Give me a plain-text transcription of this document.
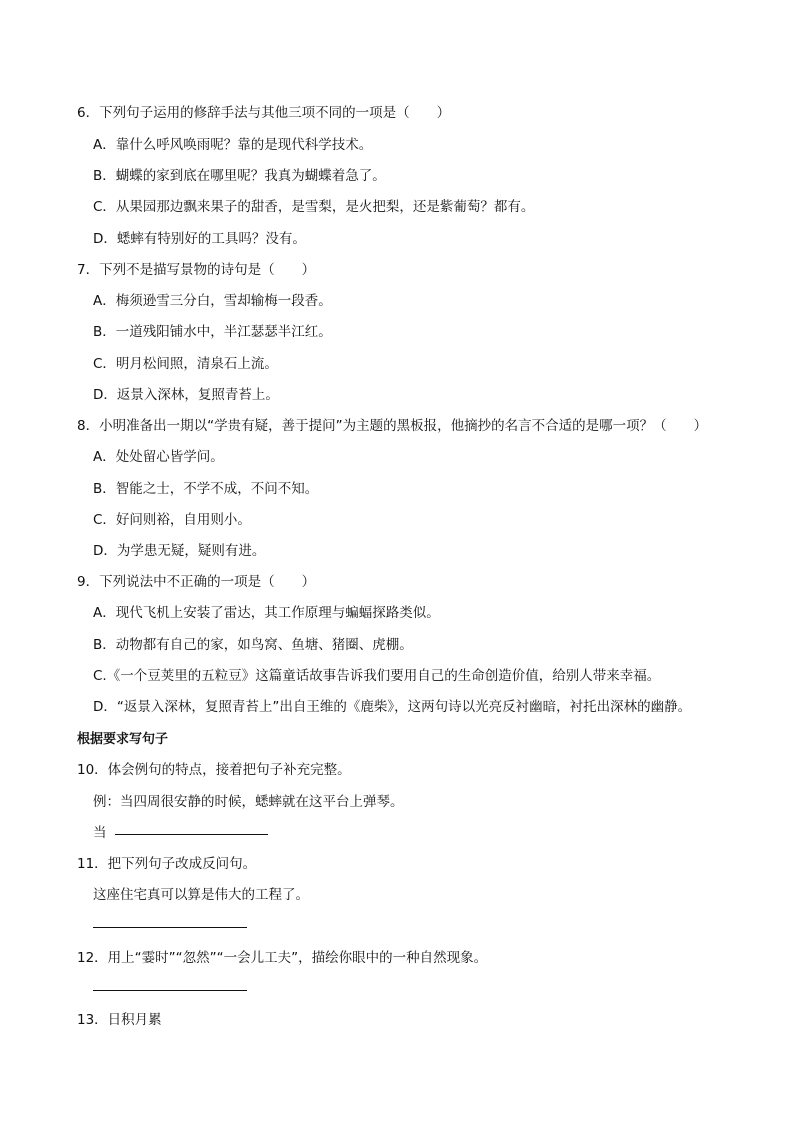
6．下列句子运用的修辞手法与其他三项不同的一项是（　　）
A．靠什么呼风唤雨呢？靠的是现代科学技术。
B．蝴蝶的家到底在哪里呢？我真为蝴蝶着急了。
C．从果园那边飘来果子的甜香，是雪梨，是火把梨，还是紫葡萄？都有。
D．蟋蟀有特别好的工具吗？没有。
7．下列不是描写景物的诗句是（　　）
A．梅须逊雪三分白，雪却输梅一段香。
B．一道残阳铺水中，半江瑟瑟半江红。
C．明月松间照，清泉石上流。
D．返景入深林，复照青苔上。
8．小明准备出一期以“学贵有疑，善于提问”为主题的黑板报，他摘抄的名言不合适的是哪一项？（　　）
A．处处留心皆学问。
B．智能之士，不学不成，不问不知。
C．好问则裕，自用则小。
D．为学患无疑，疑则有进。
9．下列说法中不正确的一项是（　　）
A．现代飞机上安装了雷达，其工作原理与蝙蝠探路类似。
B．动物都有自己的家，如鸟窝、鱼塘、猪圈、虎棚。
C.《一个豆荚里的五粒豆》这篇童话故事告诉我们要用自己的生命创造价值，给别人带来幸福。
D．“返景入深林，复照青苔上”出自王维的《鹿柴》，这两句诗以光亮反衬幽暗，衬托出深林的幽静。
根据要求写句子
10．体会例句的特点，接着把句子补充完整。
例：当四周很安静的时候，蟋蟀就在这平台上弹琴。
当
11．把下列句子改成反问句。
这座住宅真可以算是伟大的工程了。
12．用上“霎时”“忽然”“一会儿工夫”，描绘你眼中的一种自然现象。
13．日积月累
